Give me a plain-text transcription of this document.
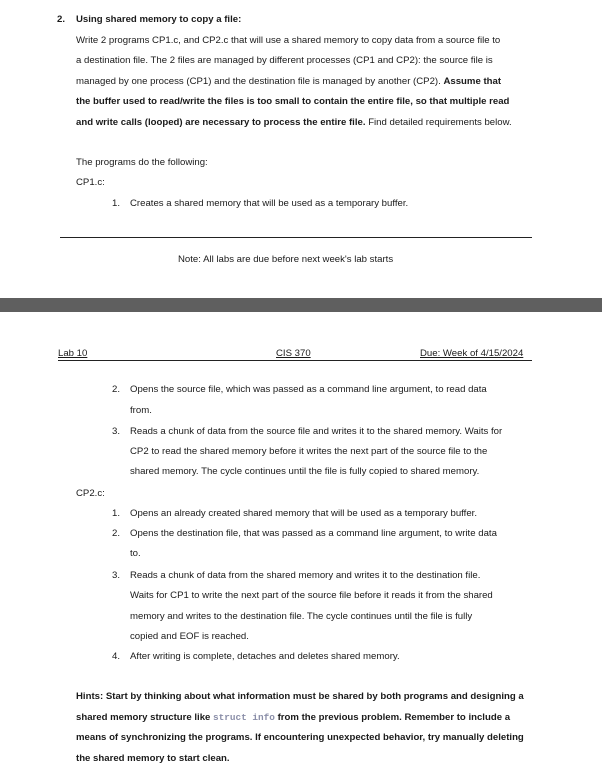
2. Using shared memory to copy a file:
Write 2 programs CP1.c, and CP2.c that will use a shared memory to copy data from a source file to
a destination file. The 2 files are managed by different processes (CP1 and CP2): the source file is
managed by one process (CP1) and the destination file is managed by another (CP2). Assume that
the buffer used to read/write the files is too small to contain the entire file, so that multiple read
and write calls (looped) are necessary to process the entire file. Find detailed requirements below.
The programs do the following:
CP1.c:
1. Creates a shared memory that will be used as a temporary buffer.
Note: All labs are due before next week's lab starts
Lab 10	CIS 370	Due: Week of 4/15/2024
2. Opens the source file, which was passed as a command line argument, to read data
from.
3. Reads a chunk of data from the source file and writes it to the shared memory. Waits for
CP2 to read the shared memory before it writes the next part of the source file to the
shared memory. The cycle continues until the file is fully copied to shared memory.
CP2.c:
1. Opens an already created shared memory that will be used as a temporary buffer.
2. Opens the destination file, that was passed as a command line argument, to write data
to.
3. Reads a chunk of data from the shared memory and writes it to the destination file.
Waits for CP1 to write the next part of the source file before it reads it from the shared
memory and writes to the destination file. The cycle continues until the file is fully
copied and EOF is reached.
4. After writing is complete, detaches and deletes shared memory.
Hints: Start by thinking about what information must be shared by both programs and designing a
shared memory structure like struct info from the previous problem. Remember to include a
means of synchronizing the programs. If encountering unexpected behavior, try manually deleting
the shared memory to start clean.
